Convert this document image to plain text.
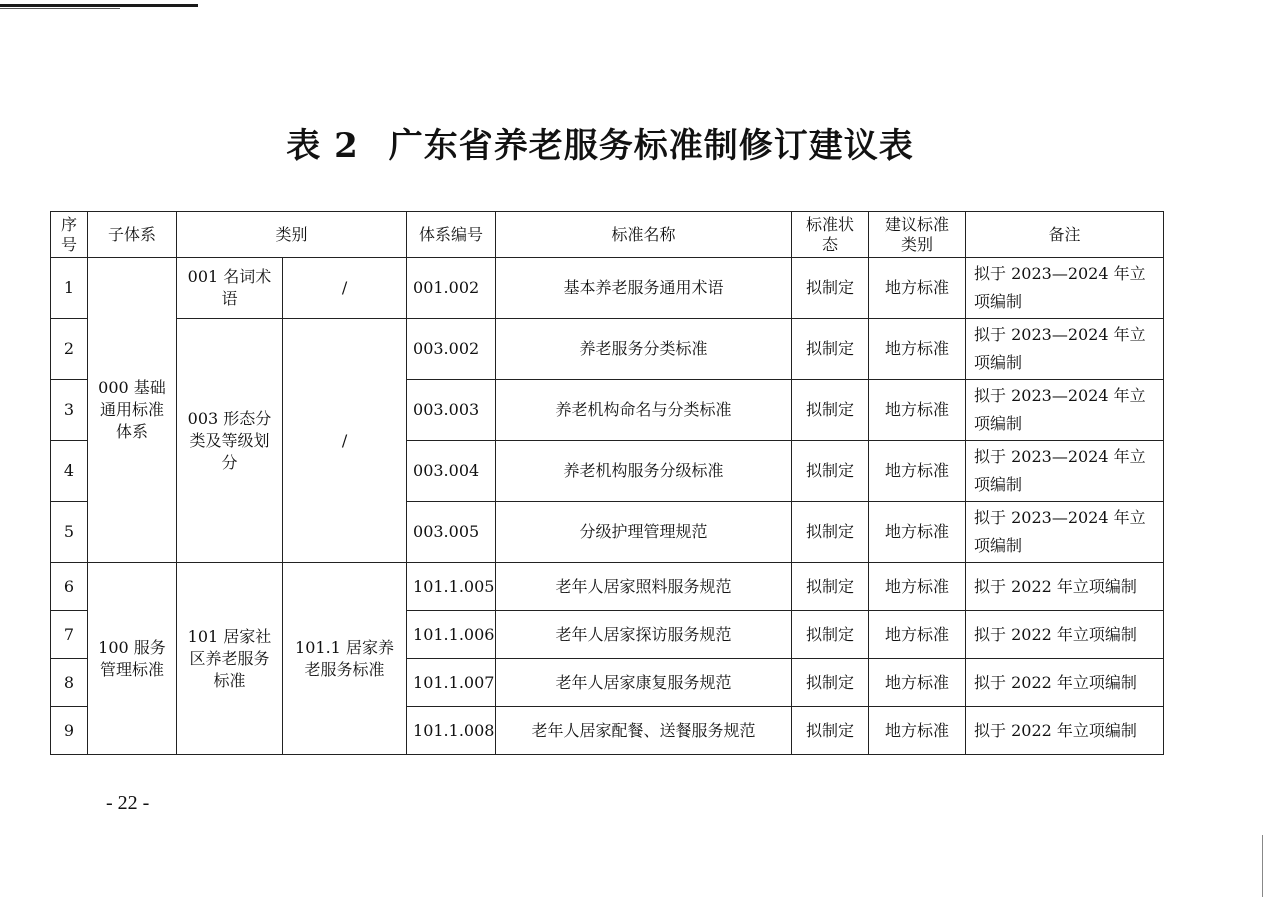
表 2 广东省养老服务标准制修订建议表
序号	子体系	类别		体系编号	标准名称	标准状态	建议标准类别	备注
1	000 基础通用标准体系	001 名词术语	/	001.002	基本养老服务通用术语	拟制定	地方标准	拟于 2023—2024 年立项编制
2		003 形态分类及等级划分	/	003.002	养老服务分类标准	拟制定	地方标准	拟于 2023—2024 年立项编制
3				003.003	养老机构命名与分类标准	拟制定	地方标准	拟于 2023—2024 年立项编制
4				003.004	养老机构服务分级标准	拟制定	地方标准	拟于 2023—2024 年立项编制
5				003.005	分级护理管理规范	拟制定	地方标准	拟于 2023—2024 年立项编制
6	100 服务管理标准	101 居家社区养老服务标准	101.1 居家养老服务标准	101.1.005	老年人居家照料服务规范	拟制定	地方标准	拟于 2022 年立项编制
7				101.1.006	老年人居家探访服务规范	拟制定	地方标准	拟于 2022 年立项编制
8				101.1.007	老年人居家康复服务规范	拟制定	地方标准	拟于 2022 年立项编制
9				101.1.008	老年人居家配餐、送餐服务规范	拟制定	地方标准	拟于 2022 年立项编制
- 22 -
